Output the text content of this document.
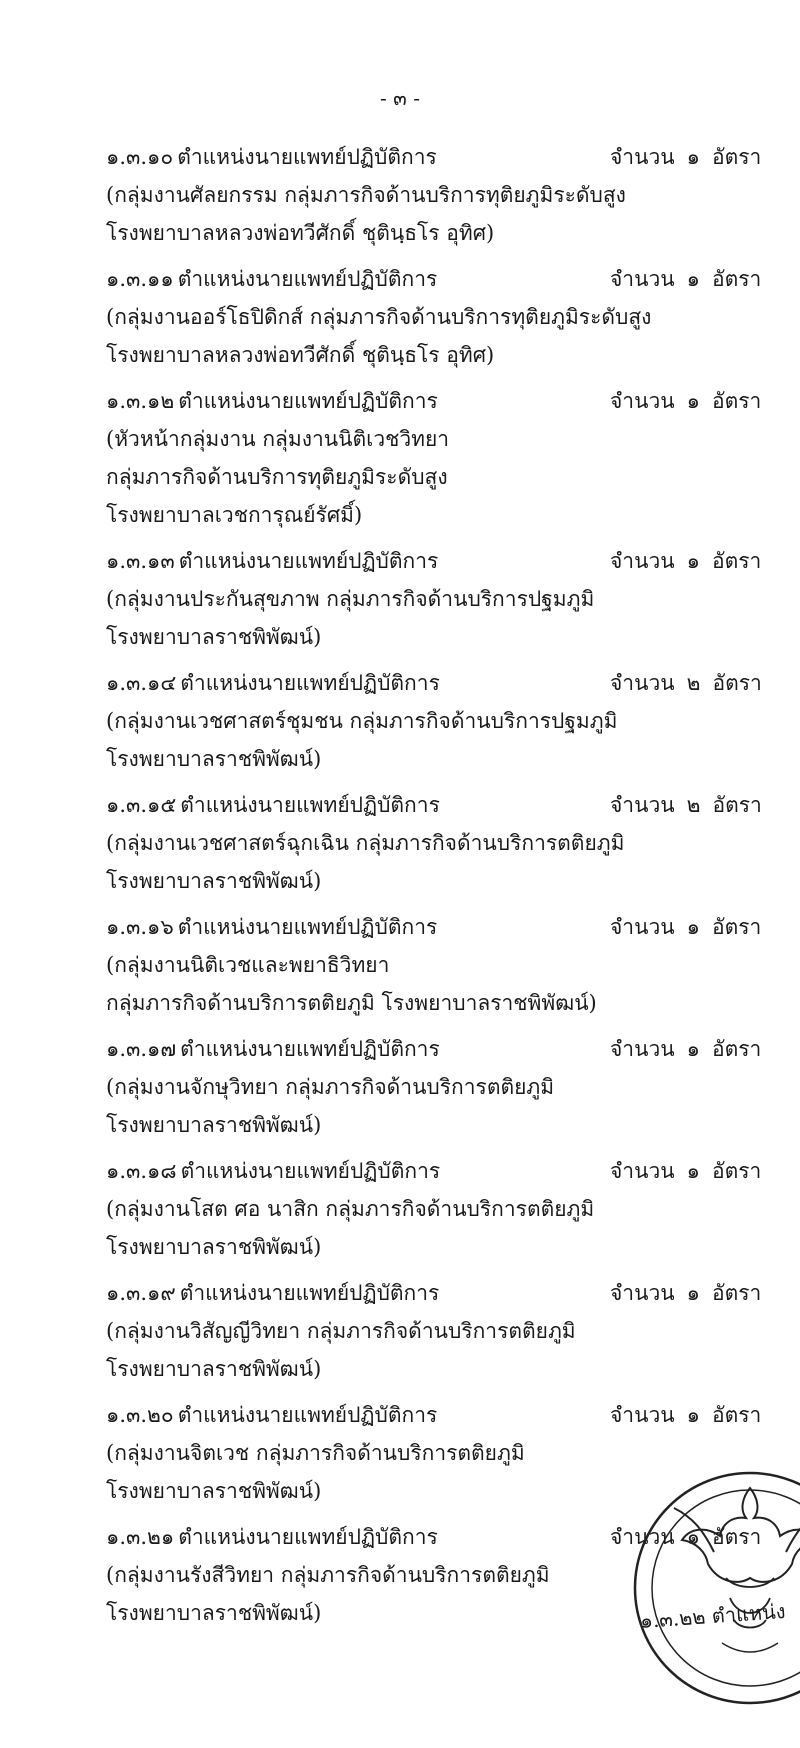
- ๓ -
๑.๓.๑๐ ตำแหน่งนายแพทย์ปฏิบัติการ	จำนวน ๑ อัตรา
(กลุ่มงานศัลยกรรม กลุ่มภารกิจด้านบริการทุติยภูมิระดับสูง
โรงพยาบาลหลวงพ่อทวีศักดิ์ ชุตินฺธโร อุทิศ)
๑.๓.๑๑ ตำแหน่งนายแพทย์ปฏิบัติการ	จำนวน ๑ อัตรา
(กลุ่มงานออร์โธปิดิกส์ กลุ่มภารกิจด้านบริการทุติยภูมิระดับสูง
โรงพยาบาลหลวงพ่อทวีศักดิ์ ชุตินฺธโร อุทิศ)
๑.๓.๑๒ ตำแหน่งนายแพทย์ปฏิบัติการ	จำนวน ๑ อัตรา
(หัวหน้ากลุ่มงาน กลุ่มงานนิติเวชวิทยา
กลุ่มภารกิจด้านบริการทุติยภูมิระดับสูง
โรงพยาบาลเวชการุณย์รัศมิ์)
๑.๓.๑๓ ตำแหน่งนายแพทย์ปฏิบัติการ	จำนวน ๑ อัตรา
(กลุ่มงานประกันสุขภาพ กลุ่มภารกิจด้านบริการปฐมภูมิ
โรงพยาบาลราชพิพัฒน์)
๑.๓.๑๔ ตำแหน่งนายแพทย์ปฏิบัติการ	จำนวน ๒ อัตรา
(กลุ่มงานเวชศาสตร์ชุมชน กลุ่มภารกิจด้านบริการปฐมภูมิ
โรงพยาบาลราชพิพัฒน์)
๑.๓.๑๕ ตำแหน่งนายแพทย์ปฏิบัติการ	จำนวน ๒ อัตรา
(กลุ่มงานเวชศาสตร์ฉุกเฉิน กลุ่มภารกิจด้านบริการตติยภูมิ
โรงพยาบาลราชพิพัฒน์)
๑.๓.๑๖ ตำแหน่งนายแพทย์ปฏิบัติการ	จำนวน ๑ อัตรา
(กลุ่มงานนิติเวชและพยาธิวิทยา
กลุ่มภารกิจด้านบริการตติยภูมิ โรงพยาบาลราชพิพัฒน์)
๑.๓.๑๗ ตำแหน่งนายแพทย์ปฏิบัติการ	จำนวน ๑ อัตรา
(กลุ่มงานจักษุวิทยา กลุ่มภารกิจด้านบริการตติยภูมิ
โรงพยาบาลราชพิพัฒน์)
๑.๓.๑๘ ตำแหน่งนายแพทย์ปฏิบัติการ	จำนวน ๑ อัตรา
(กลุ่มงานโสต ศอ นาสิก กลุ่มภารกิจด้านบริการตติยภูมิ
โรงพยาบาลราชพิพัฒน์)
๑.๓.๑๙ ตำแหน่งนายแพทย์ปฏิบัติการ	จำนวน ๑ อัตรา
(กลุ่มงานวิสัญญีวิทยา กลุ่มภารกิจด้านบริการตติยภูมิ
โรงพยาบาลราชพิพัฒน์)
๑.๓.๒๐ ตำแหน่งนายแพทย์ปฏิบัติการ	จำนวน ๑ อัตรา
(กลุ่มงานจิตเวช กลุ่มภารกิจด้านบริการตติยภูมิ
โรงพยาบาลราชพิพัฒน์)
๑.๓.๒๑ ตำแหน่งนายแพทย์ปฏิบัติการ	จำนวน ๑ อัตรา
(กลุ่มงานรังสีวิทยา กลุ่มภารกิจด้านบริการตติยภูมิ
โรงพยาบาลราชพิพัฒน์)	๑.๓.๒๒ ตำแหน่ง
